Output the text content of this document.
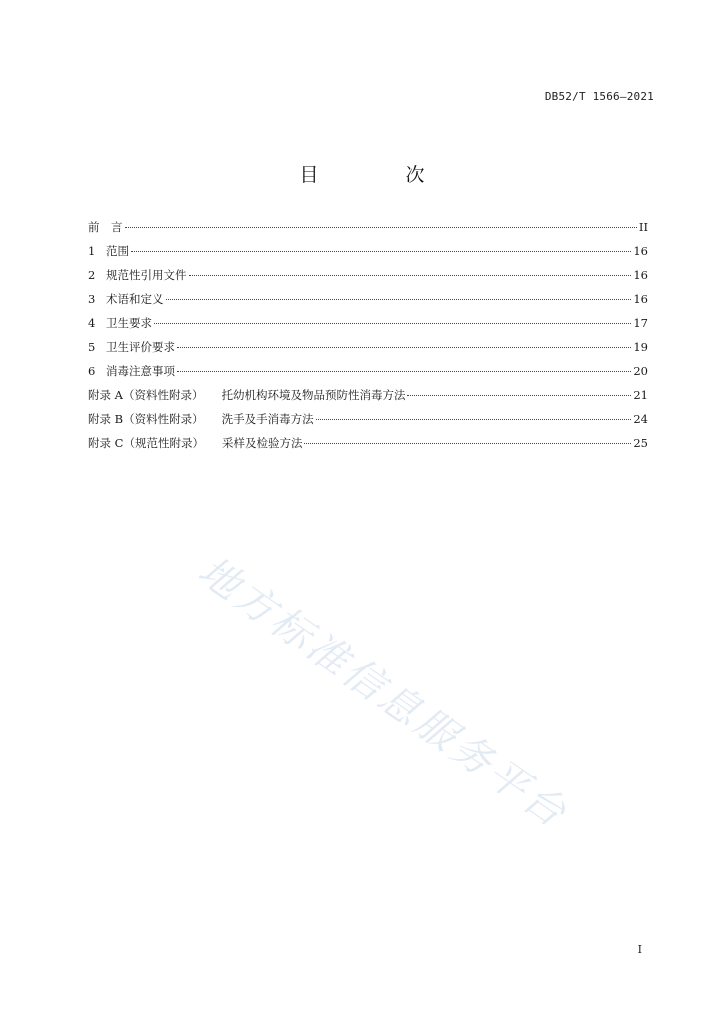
DB52/T 1566—2021
目　次
前　言	II
1 范围	16
2 规范性引用文件	16
3 术语和定义	16
4 卫生要求	17
5 卫生评价要求	19
6 消毒注意事项	20
附录 A（资料性附录） 托幼机构环境及物品预防性消毒方法	21
附录 B（资料性附录） 洗手及手消毒方法	24
附录 C（规范性附录） 采样及检验方法	25
地方标准信息服务平台
I
